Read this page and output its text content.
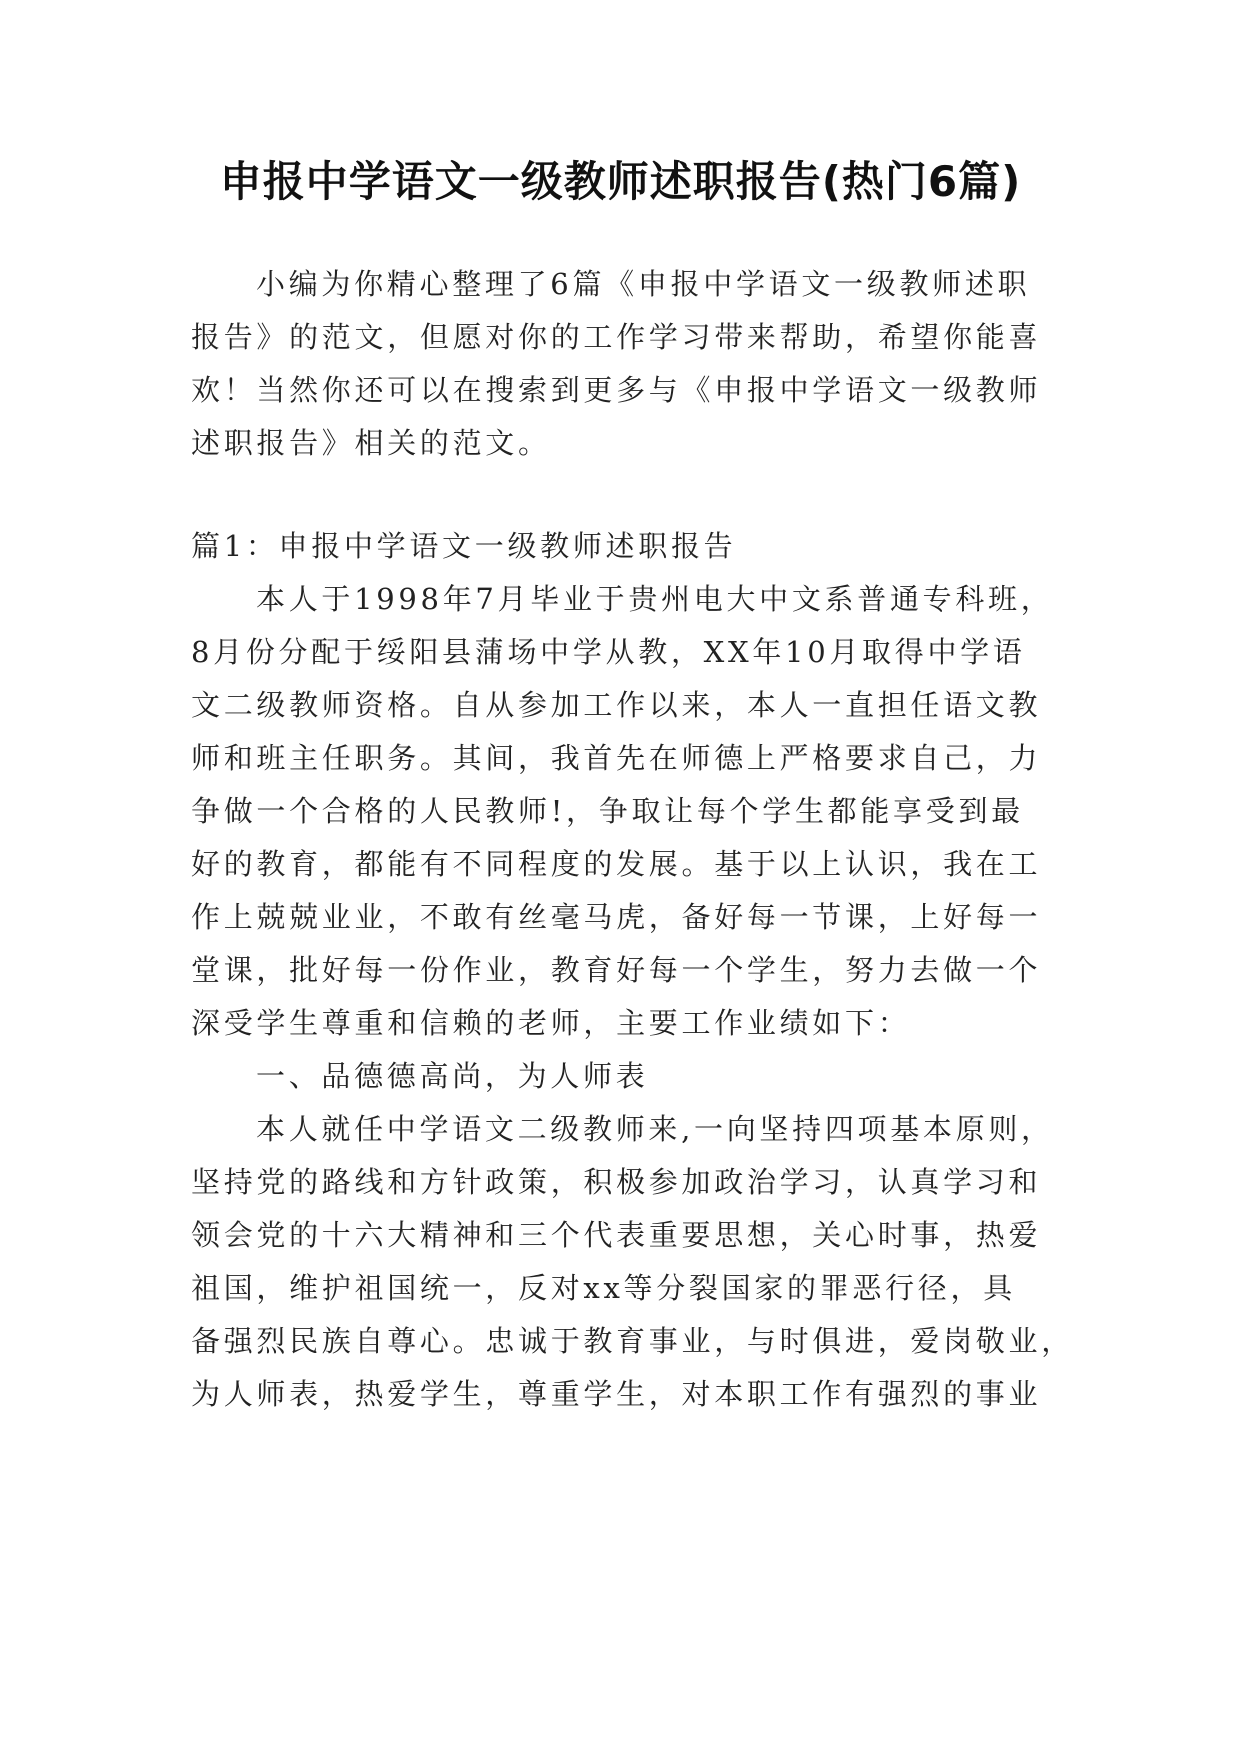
申报中学语文一级教师述职报告(热门6篇)

小编为你精心整理了6篇《申报中学语文一级教师述职

报告》的范文，但愿对你的工作学习带来帮助，希望你能喜

欢！当然你还可以在搜索到更多与《申报中学语文一级教师

述职报告》相关的范文。

篇1：申报中学语文一级教师述职报告

本人于1998年7月毕业于贵州电大中文系普通专科班，

8月份分配于绥阳县蒲场中学从教，XX年10月取得中学语

文二级教师资格。自从参加工作以来，本人一直担任语文教

师和班主任职务。其间，我首先在师德上严格要求自己，力

争做一个合格的人民教师!，争取让每个学生都能享受到最

好的教育，都能有不同程度的发展。基于以上认识，我在工

作上兢兢业业，不敢有丝毫马虎，备好每一节课，上好每一

堂课，批好每一份作业，教育好每一个学生，努力去做一个

深受学生尊重和信赖的老师，主要工作业绩如下：

一、品德德高尚，为人师表

本人就任中学语文二级教师来,一向坚持四项基本原则，

坚持党的路线和方针政策，积极参加政治学习，认真学习和

领会党的十六大精神和三个代表重要思想，关心时事，热爱

祖国，维护祖国统一，反对xx等分裂国家的罪恶行径，具

备强烈民族自尊心。忠诚于教育事业，与时俱进，爱岗敬业，

为人师表，热爱学生，尊重学生，对本职工作有强烈的事业
